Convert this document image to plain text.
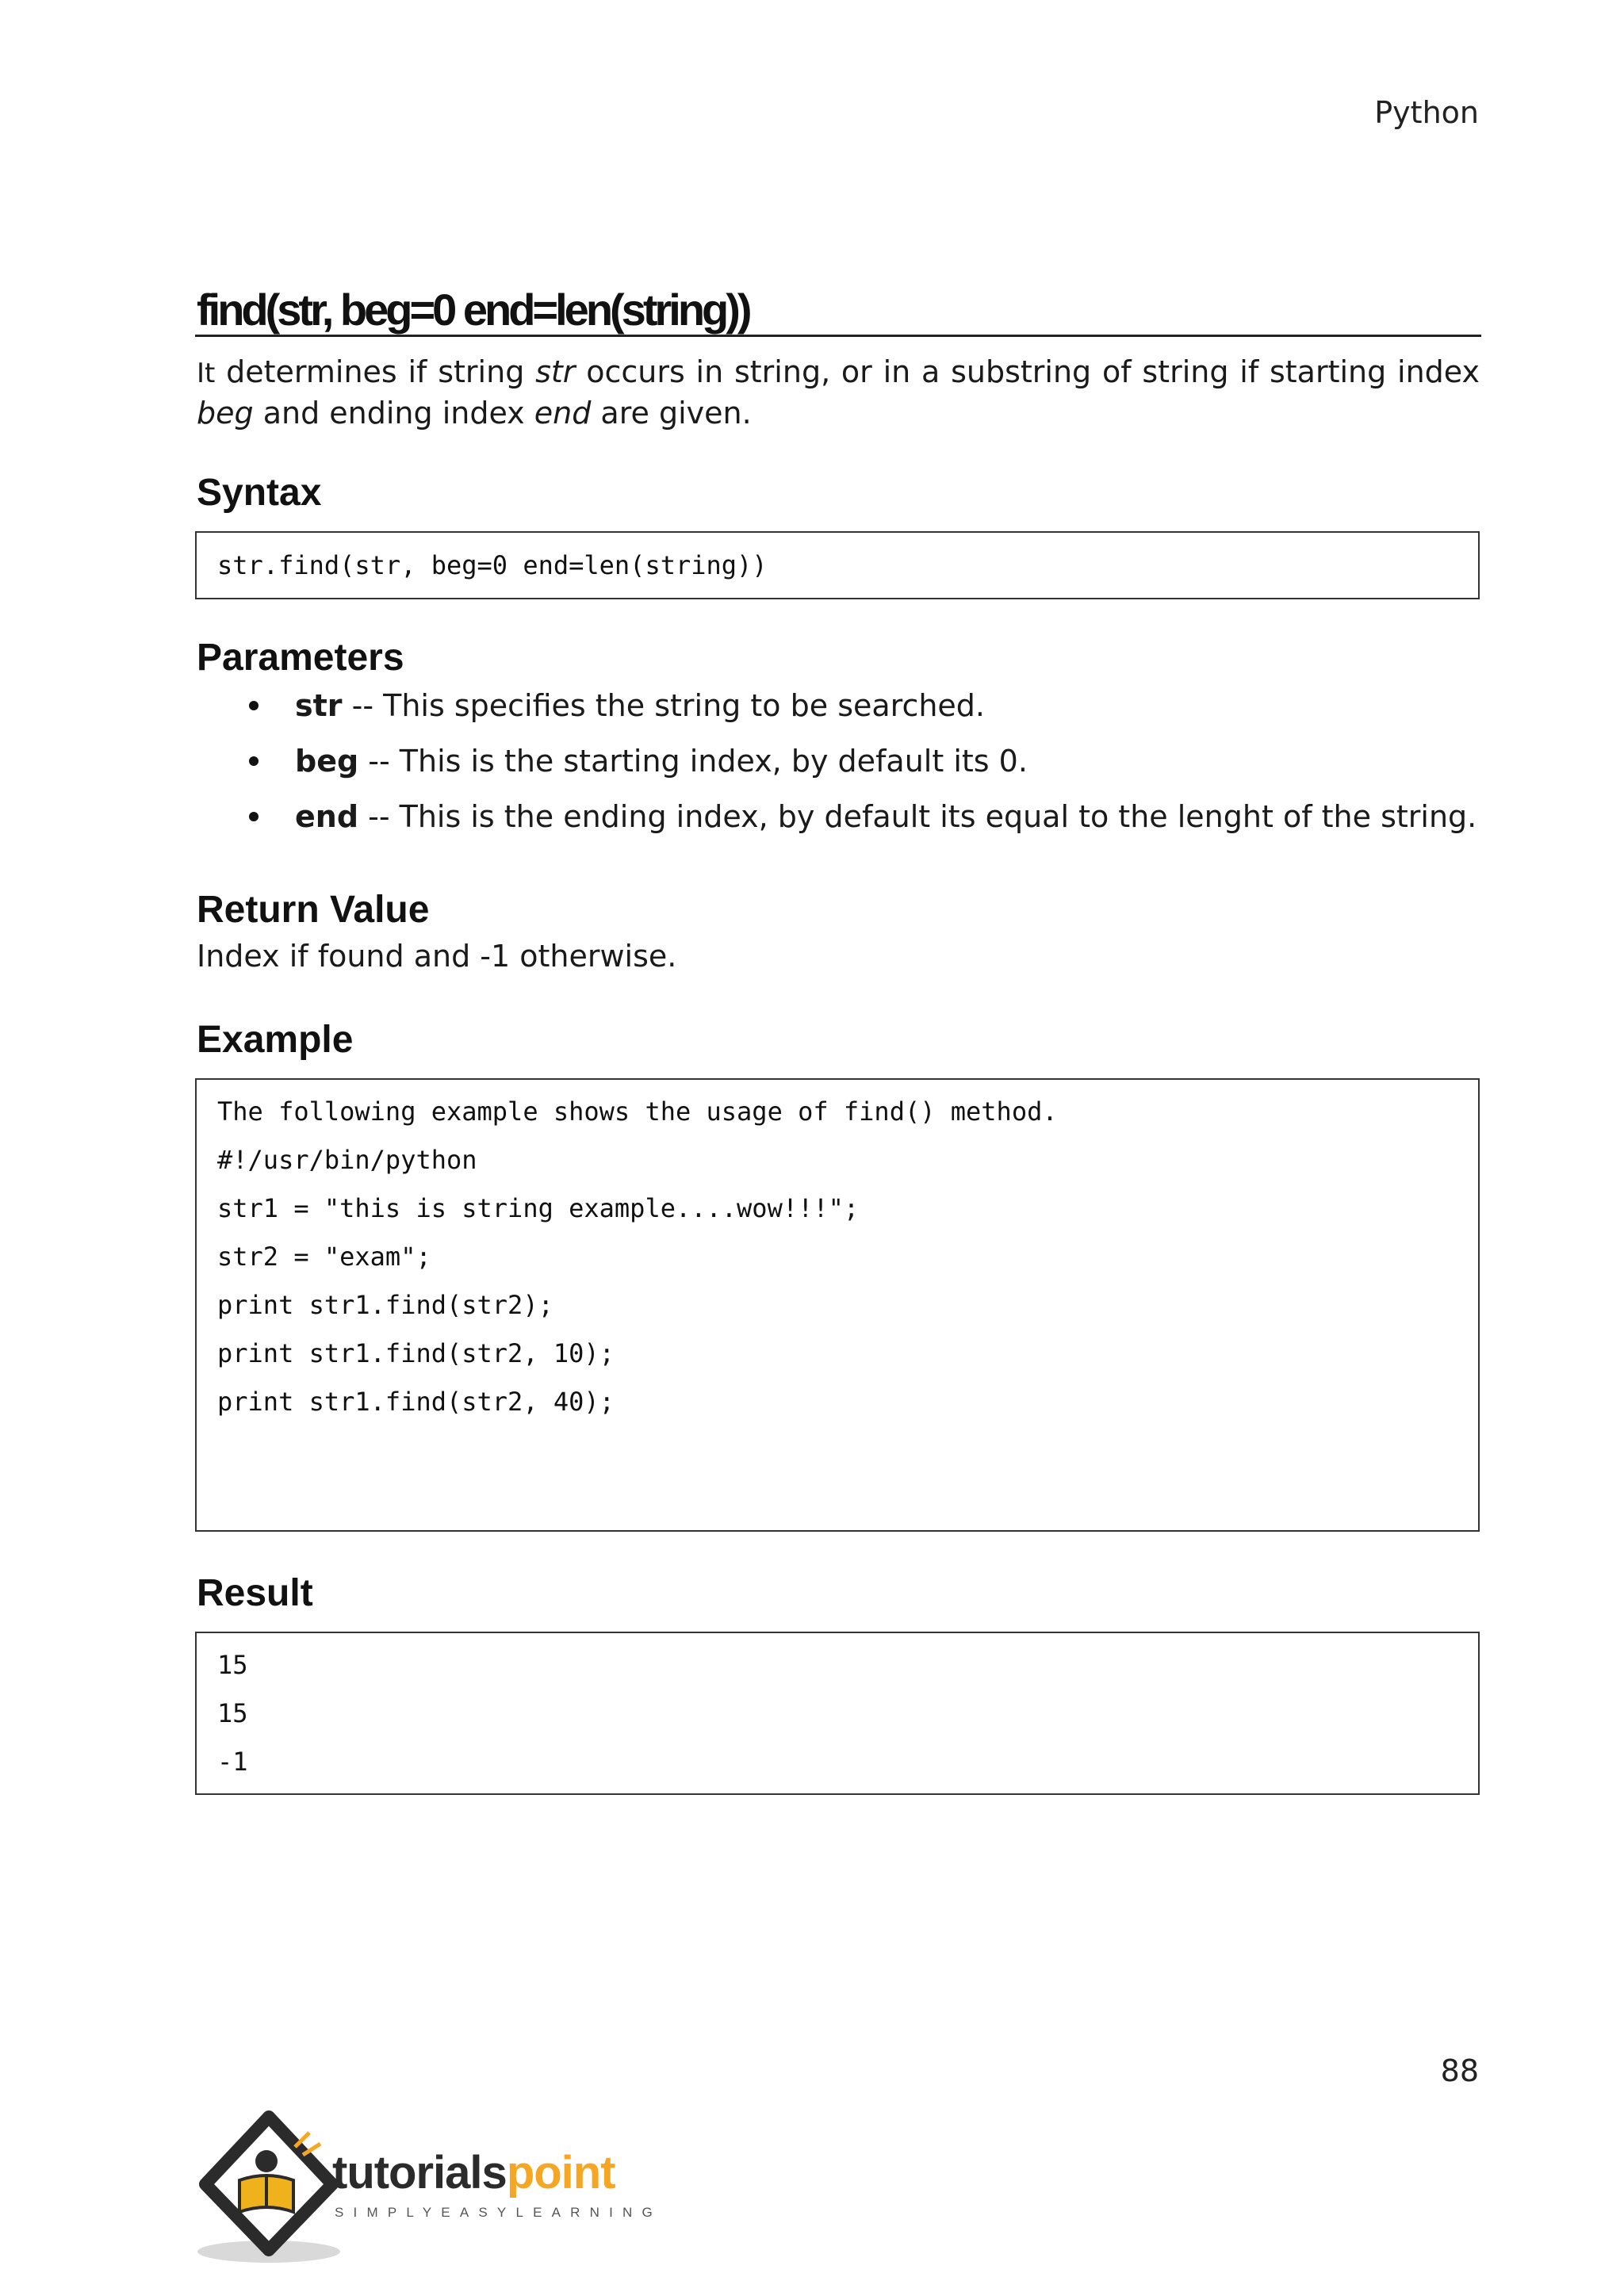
Python
find(str, beg=0 end=len(string))

It determines if string str occurs in string, or in a substring of string if starting index beg and ending index end are given.

Syntax
str.find(str, beg=0 end=len(string))
Parameters
str -- This specifies the string to be searched.
beg -- This is the starting index, by default its 0.
end -- This is the ending index, by default its equal to the lenght of the string.
Return Value
Index if found and -1 otherwise.
Example
The following example shows the usage of find() method.
#!/usr/bin/python
str1 = "this is string example....wow!!!";
str2 = "exam";
print str1.find(str2);
print str1.find(str2, 10);
print str1.find(str2, 40);
Result
15
15
-1
88
tutorialspoint
SIMPLYEASYLEARNING
